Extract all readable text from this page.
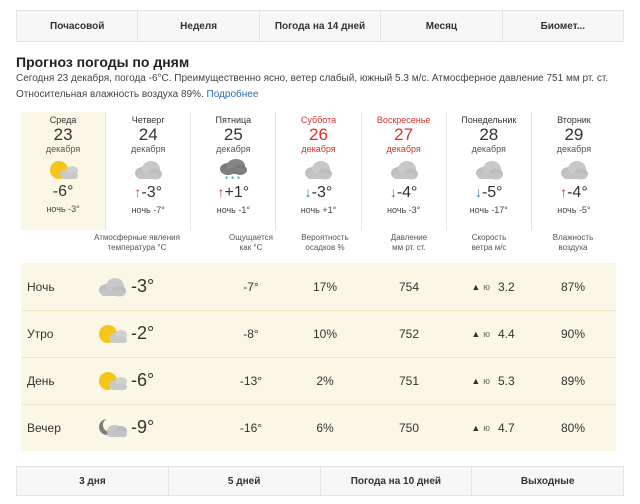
Почасовой	Неделя	Погода на 14 дней	Месяц	Биомет...
Прогноз погоды по дням
Сегодня 23 декабря, погода -6°С. Преимущественно ясно, ветер слабый, южный 5.3 м/с. Атмосферное давление 751 мм рт. ст. Относительная влажность воздуха 89%. Подробнее
Среда
23
декабря
-6°
ночь -3°
Четверг
24
декабря
↑-3°
ночь -7°
Пятница
25
декабря
* * *
↑+1°
ночь -1°
Суббота
26
декабря
↓-3°
ночь +1°
Воскресенье
27
декабря
↓-4°
ночь -3°
Понедельник
28
декабря
↓-5°
ночь -17°
Вторник
29
декабря
↑-4°
ночь -5°
Атмосферные явления
температура °С
Ощущается
как °С
Вероятность
осадков %
Давление
мм рт. ст.
Скорость
ветра м/с
Влажность
воздуха
Ночь	-3°	-7°	17%	754	▲ ю 3.2	87%
Утро	-2°	-8°	10%	752	▲ ю 4.4	90%
День	-6°	-13°	2%	751	▲ ю 5.3	89%
Вечер	-9°	-16°	6%	750	▲ ю 4.7	80%
3 дня	5 дней	Погода на 10 дней	Выходные
